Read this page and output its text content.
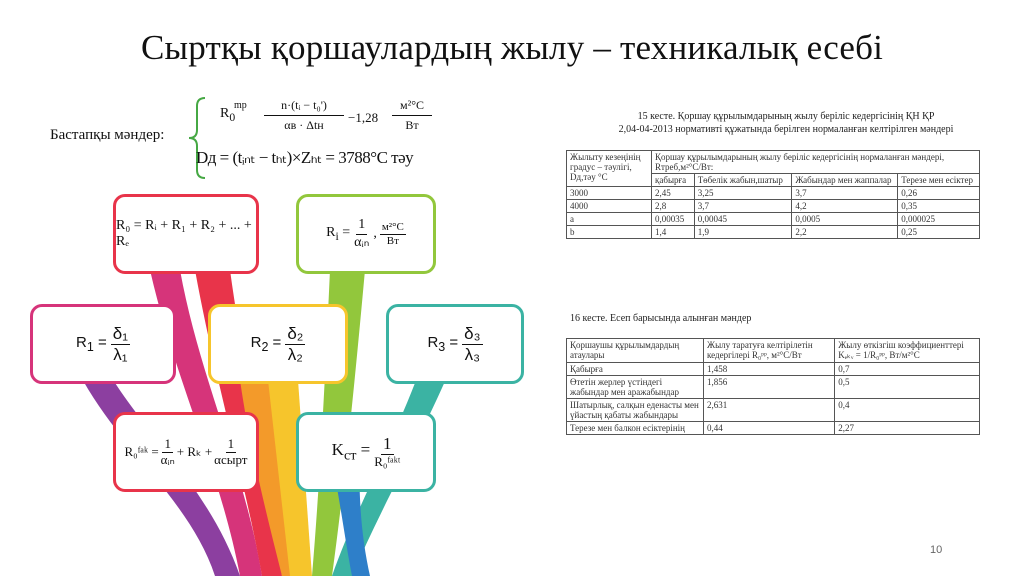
Сыртқы қоршаулардың жылу – техникалық есебі
Бастапқы мәндер:
$R_0$
mp	n·(tᵢ − t₀')
αв · Δtн	−1,28
м²°С
Вт
Dд = (tᵢₙₜ − tₕₜ)×Zₕₜ = 3788°С тәу
R₀ = Rᵢ + R₁ + R₂ + ... + Rₑ
$R_i = \frac{1}{\text{αᵢₙ}}$ , $\frac{\text{м²°С}}{Вт}$
$R_1 = \frac{\text{δ₁}}{\text{λ₁}}$	$R_2 = \frac{\text{δ₂}}{\text{λ₂}}$	$R_3 = \frac{\text{δ₃}}{\text{λ₃}}$
R₀ᶠᵃᵏ = $\frac{1}{\text{αᵢₙ}} + R_k + \frac{1}{\text{αсырт}}$	$K_{ст} = \frac{1}{\text{R₀ᶠᵃᵏᵗ}}$
15 кесте. Қоршау құрылымдарының жылу беріліс кедергісінің ҚН ҚР
2,04-04-2013 нормативті құжатында берілген нормаланған келтірілген мәндері
Жылыту кезеңінің градус – тәулігі, Dд,тәу °С	Қоршау құрылымдарының жылу беріліс кедергісінің нормаланған мәндері, Rтреб,м²°С/Вт:			
	қабырға	Төбелік жабын,шатыр	Жабындар мен жаппалар	Терезе мен есіктер
3000	2,45	3,25	3,7	0,26
4000	2,8	3,7	4,2	0,35
a	0,00035	0,00045	0,0005	0,000025
b	1,4	1,9	2,2	0,25
16 кесте. Есеп барысында алынған мәндер
Қоршаушы құрылымдардың атаулары	Жылу таратуға келтірілетін кедергілері R₀ᵖᵖ, м²°С/Вт	Жылу өткізгіш коэффициенттері Kₑₖᵥ = 1/R₀ᵖᵖ, Вт/м²°С
Қабырға	1,458	0,7
Өтетін жерлер үстіндегі жабындар мен аражабындар	1,856	0,5
Шатырлық, салқын еденасты мен үйастың қабаты жабындары	2,631	0,4
Терезе мен балкон есіктерінің	0,44	2,27
10
